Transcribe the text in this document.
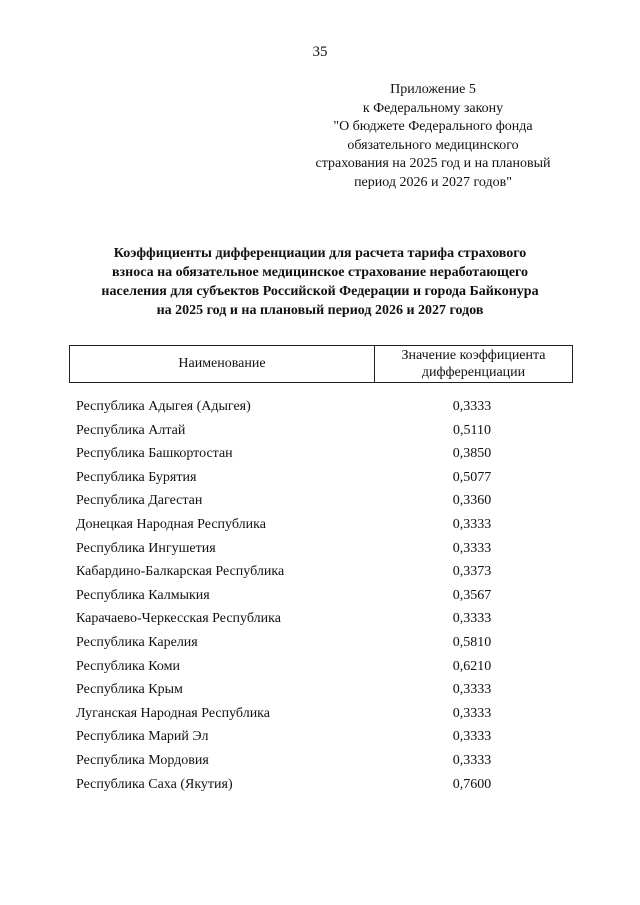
35
Приложение 5
к Федеральному закону
"О бюджете Федерального фонда
обязательного медицинского
страхования на 2025 год и на плановый
период 2026 и 2027 годов"
Коэффициенты дифференциации для расчета тарифа страхового
взноса на обязательное медицинское страхование неработающего
населения для субъектов Российской Федерации и города Байконура
на 2025 год и на плановый период 2026 и 2027 годов
Наименование
Значение коэффициента
дифференциации
Республика Адыгея (Адыгея)	0,3333
Республика Алтай	0,5110
Республика Башкортостан	0,3850
Республика Бурятия	0,5077
Республика Дагестан	0,3360
Донецкая Народная Республика	0,3333
Республика Ингушетия	0,3333
Кабардино-Балкарская Республика	0,3373
Республика Калмыкия	0,3567
Карачаево-Черкесская Республика	0,3333
Республика Карелия	0,5810
Республика Коми	0,6210
Республика Крым	0,3333
Луганская Народная Республика	0,3333
Республика Марий Эл	0,3333
Республика Мордовия	0,3333
Республика Саха (Якутия)	0,7600
